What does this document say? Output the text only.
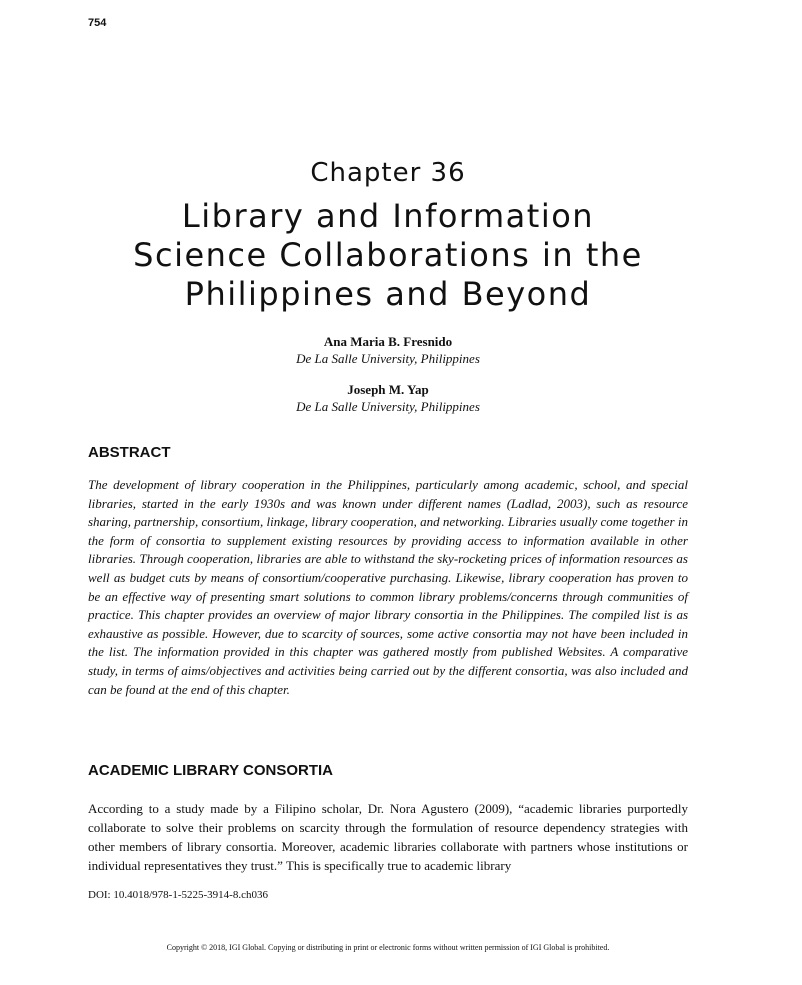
754
Chapter 36
Library and Information
Science Collaborations in the
Philippines and Beyond
Ana Maria B. Fresnido
De La Salle University, Philippines
Joseph M. Yap
De La Salle University, Philippines
ABSTRACT
The development of library cooperation in the Philippines, particularly among academic, school, and special libraries, started in the early 1930s and was known under different names (Ladlad, 2003), such as resource sharing, partnership, consortium, linkage, library cooperation, and networking. Libraries usually come together in the form of consortia to supplement existing resources by providing access to information available in other libraries. Through cooperation, libraries are able to withstand the sky-rocketing prices of information resources as well as budget cuts by means of consortium/cooperative purchasing. Likewise, library cooperation has proven to be an effective way of presenting smart solutions to common library problems/concerns through communities of practice. This chapter provides an overview of major library consortia in the Philippines. The compiled list is as exhaustive as possible. However, due to scarcity of sources, some active consortia may not have been included in the list. The information provided in this chapter was gathered mostly from published Websites. A comparative study, in terms of aims/objectives and activities being carried out by the different consortia, was also included and can be found at the end of this chapter.
ACADEMIC LIBRARY CONSORTIA
According to a study made by a Filipino scholar, Dr. Nora Agustero (2009), “academic libraries purportedly collaborate to solve their problems on scarcity through the formulation of resource dependency strategies with other members of library consortia. Moreover, academic libraries collaborate with partners whose institutions or individual representatives they trust.” This is specifically true to academic library
DOI: 10.4018/978-1-5225-3914-8.ch036
Copyright © 2018, IGI Global. Copying or distributing in print or electronic forms without written permission of IGI Global is prohibited.
